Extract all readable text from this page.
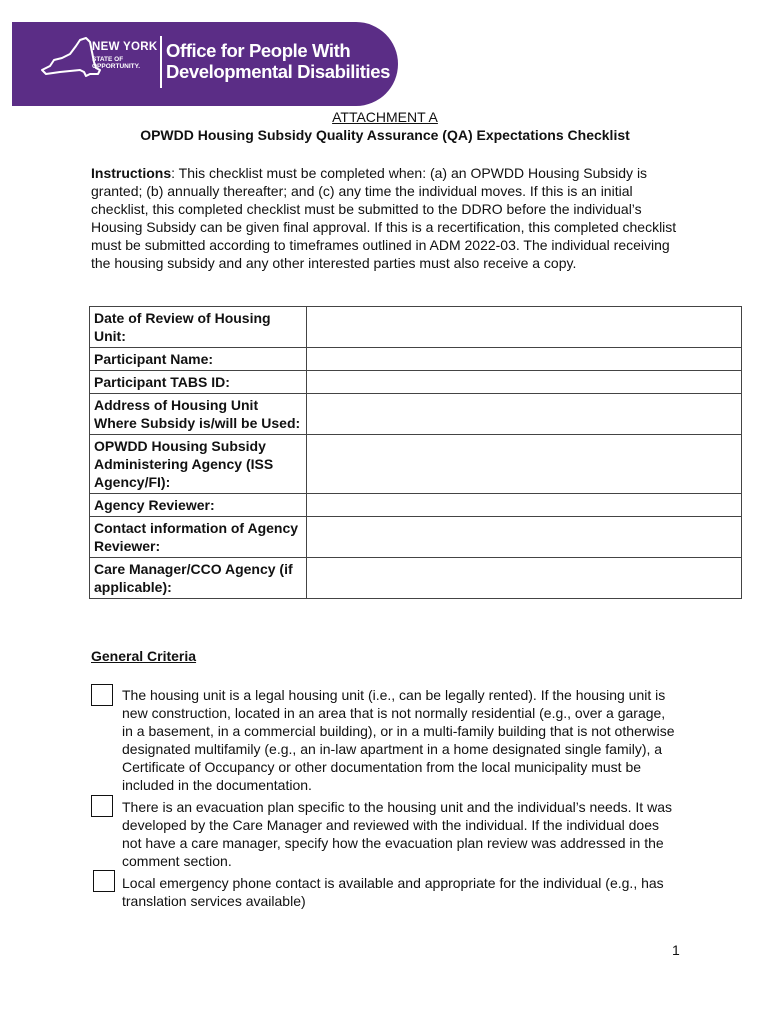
NEW YORK
STATE OF
OPPORTUNITY.
Office for People With
Developmental Disabilities
ATTACHMENT A
OPWDD Housing Subsidy Quality Assurance (QA) Expectations Checklist
Instructions: This checklist must be completed when: (a) an OPWDD Housing Subsidy is granted; (b) annually thereafter; and (c) any time the individual moves. If this is an initial checklist, this completed checklist must be submitted to the DDRO before the individual’s Housing Subsidy can be given final approval. If this is a recertification, this completed checklist must be submitted according to timeframes outlined in ADM 2022-03. The individual receiving the housing subsidy and any other interested parties must also receive a copy.
Date of Review of Housing Unit:	
Participant Name:	
Participant TABS ID:	
Address of Housing Unit Where Subsidy is/will be Used:	
OPWDD Housing Subsidy Administering Agency (ISS Agency/FI):	
Agency Reviewer:	
Contact information of Agency Reviewer:	
Care Manager/CCO Agency (if applicable):	
General Criteria
The housing unit is a legal housing unit (i.e., can be legally rented). If the housing unit is new construction, located in an area that is not normally residential (e.g., over a garage, in a basement, in a commercial building), or in a multi-family building that is not otherwise designated multifamily (e.g., an in-law apartment in a home designated single family), a Certificate of Occupancy or other documentation from the local municipality must be included in the documentation.
There is an evacuation plan specific to the housing unit and the individual’s needs. It was developed by the Care Manager and reviewed with the individual. If the individual does not have a care manager, specify how the evacuation plan review was addressed in the comment section.
Local emergency phone contact is available and appropriate for the individual (e.g., has translation services available)
1
